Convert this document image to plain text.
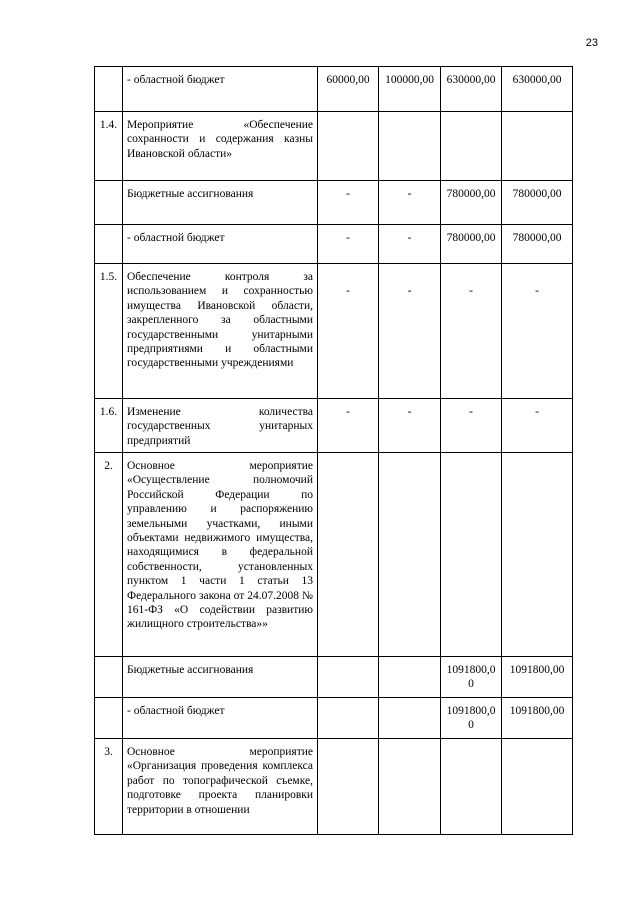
23
	- областной бюджет	60000,00	100000,00	630000,00	630000,00
1.4.	Мероприятие «Обеспечение сохранности и содержания казны Ивановской области»				
	Бюджетные ассигнования	-	-	780000,00	780000,00
	- областной бюджет	-	-	780000,00	780000,00
1.5.	Обеспечение контроля за использованием и сохранностью имущества Ивановской области, закрепленного за областными государственными унитарными предприятиями и областными государственными учреждениями	-	-	-	-
1.6.	Изменение количества государственных унитарных предприятий	-	-	-	-
2.	Основное мероприятие «Осуществление полномочий Российской Федерации по управлению и распоряжению земельными участками, иными объектами недвижимого имущества, находящимися в федеральной собственности, установленных пунктом 1 части 1 статьи 13 Федерального закона от 24.07.2008 № 161-ФЗ «О содействии развитию жилищного строительства»»				
	Бюджетные ассигнования			1091800,00	1091800,00
	- областной бюджет			1091800,00	1091800,00
3.	Основное мероприятие «Организация проведения комплекса работ по топографической съемке, подготовке проекта планировки территории в отношении				
